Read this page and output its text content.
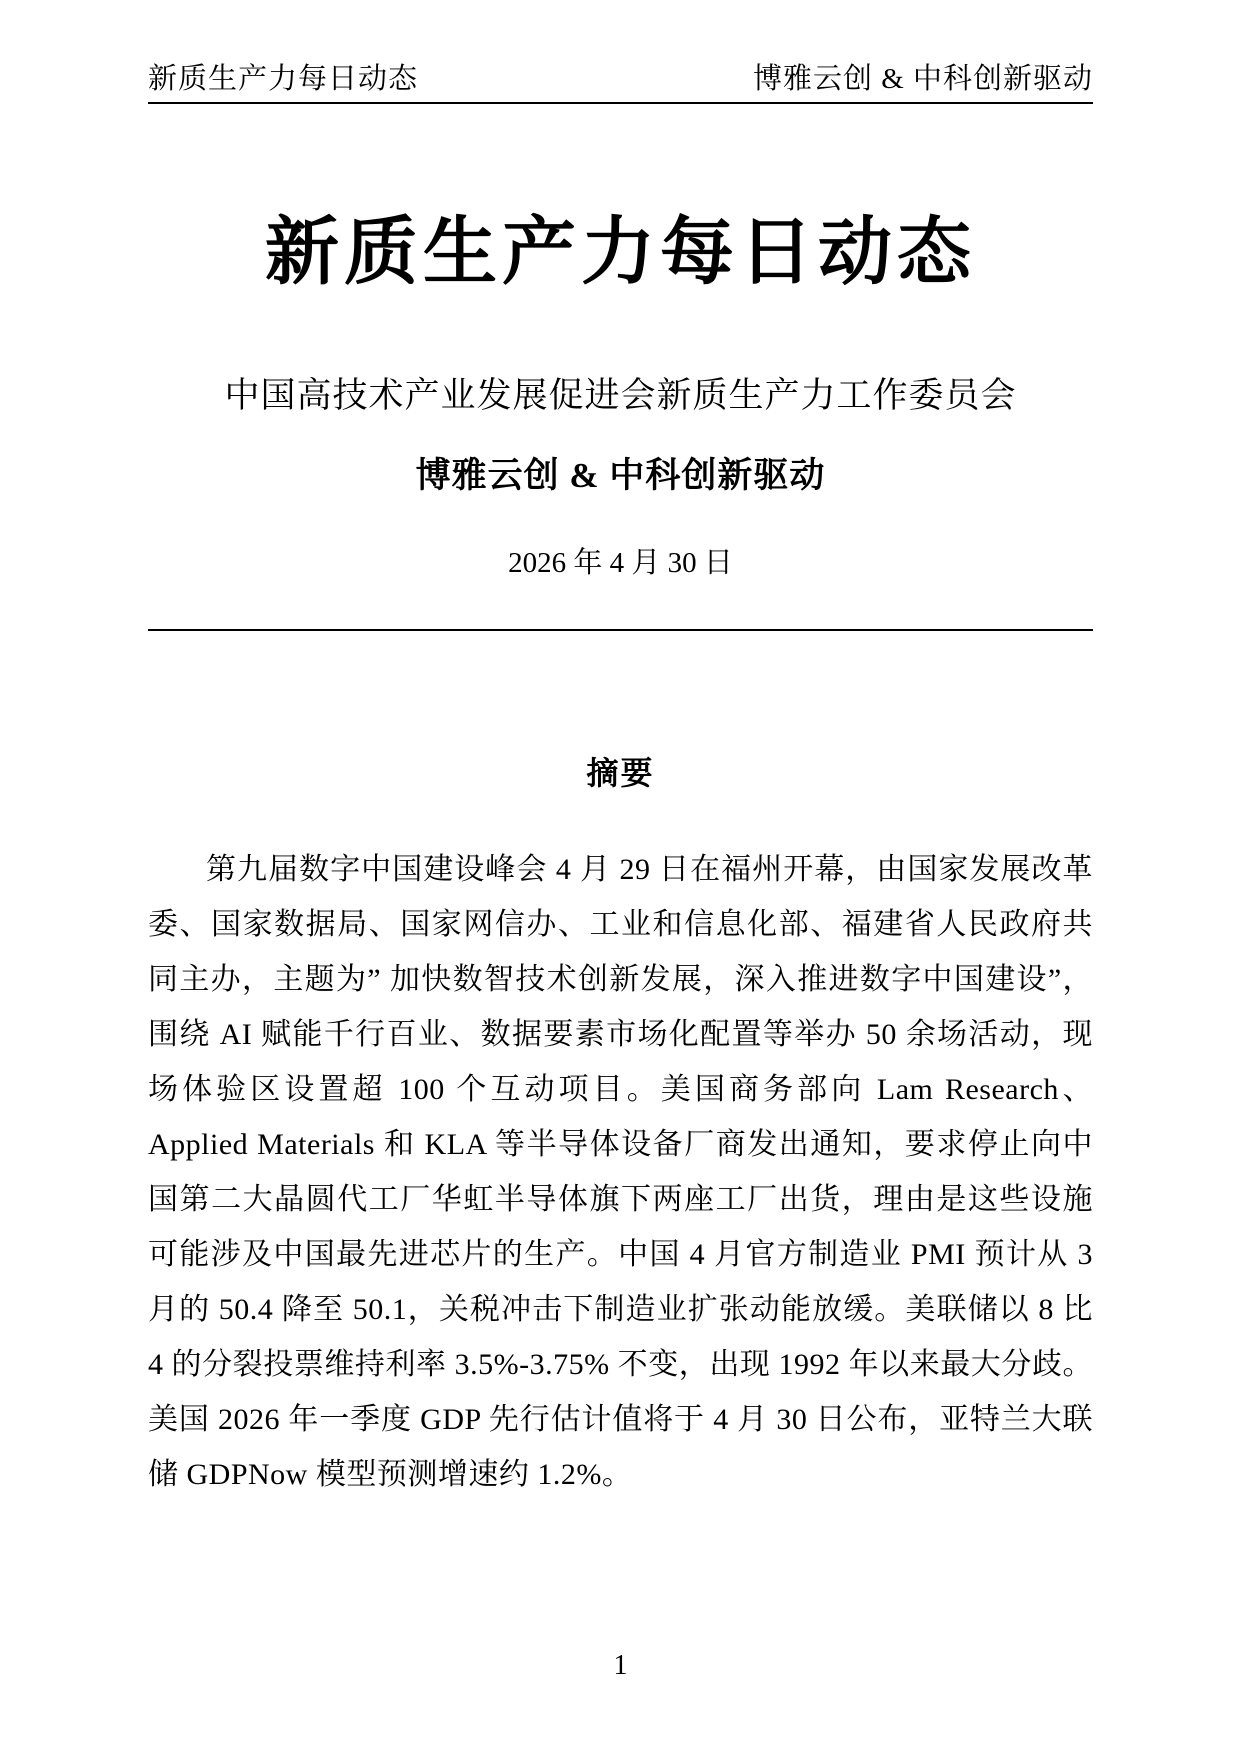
新质生产力每日动态	博雅云创 & 中科创新驱动
新质生产力每日动态
中国高技术产业发展促进会新质生产力工作委员会
博雅云创 & 中科创新驱动
2026 年 4 月 30 日
摘要
第九届数字中国建设峰会 4 月 29 日在福州开幕，由国家发展改革委、国家数据局、国家网信办、工业和信息化部、福建省人民政府共同主办，主题为” 加快数智技术创新发展，深入推进数字中国建设”，围绕 AI 赋能千行百业、数据要素市场化配置等举办 50 余场活动，现场体验区设置超 100 个互动项目。美国商务部向 Lam Research、Applied Materials 和 KLA 等半导体设备厂商发出通知，要求停止向中国第二大晶圆代工厂华虹半导体旗下两座工厂出货，理由是这些设施可能涉及中国最先进芯片的生产。中国 4 月官方制造业 PMI 预计从 3 月的 50.4 降至 50.1，关税冲击下制造业扩张动能放缓。美联储以 8 比 4 的分裂投票维持利率 3.5%-3.75% 不变，出现 1992 年以来最大分歧。美国 2026 年一季度 GDP 先行估计值将于 4 月 30 日公布，亚特兰大联储 GDPNow 模型预测增速约 1.2%。
1
